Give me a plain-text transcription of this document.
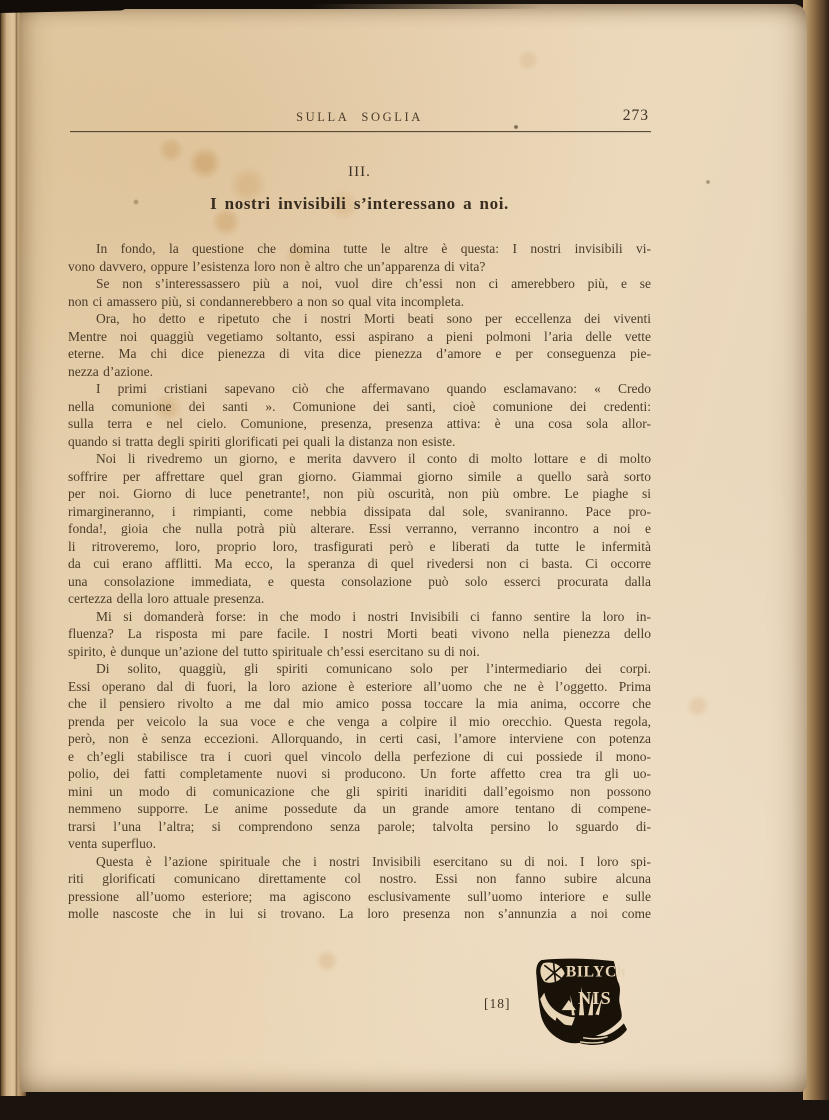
SULLA SOGLIA	273
III.
I nostri invisibili s’interessano a noi.
In fondo, la questione che domina tutte le altre è questa: I nostri invisibili vi-
vono davvero, oppure l’esistenza loro non è altro che un’apparenza di vita?
Se non s’interessassero più a noi, vuol dire ch’essi non ci amerebbero più, e se
non ci amassero più, si condannerebbero a non so qual vita incompleta.
Ora, ho detto e ripetuto che i nostri Morti beati sono per eccellenza dei viventi
Mentre noi quaggiù vegetiamo soltanto, essi aspirano a pieni polmoni l’aria delle vette
eterne. Ma chi dice pienezza di vita dice pienezza d’amore e per conseguenza pie-
nezza d’azione.
I primi cristiani sapevano ciò che affermavano quando esclamavano: « Credo
nella comunione dei santi ». Comunione dei santi, cioè comunione dei credenti:
sulla terra e nel cielo. Comunione, presenza, presenza attiva: è una cosa sola allor-
quando si tratta degli spiriti glorificati pei quali la distanza non esiste.
Noi li rivedremo un giorno, e merita davvero il conto di molto lottare e di molto
soffrire per affrettare quel gran giorno. Giammai giorno simile a quello sarà sorto
per noi. Giorno di luce penetrante!, non più oscurità, non più ombre. Le piaghe si
rimargineranno, i rimpianti, come nebbia dissipata dal sole, svaniranno. Pace pro-
fonda!, gioia che nulla potrà più alterare. Essi verranno, verranno incontro a noi e
li ritroveremo, loro, proprio loro, trasfigurati però e liberati da tutte le infermità
da cui erano afflitti. Ma ecco, la speranza di quel rivedersi non ci basta. Ci occorre
una consolazione immediata, e questa consolazione può solo esserci procurata dalla
certezza della loro attuale presenza.
Mi si domanderà forse: in che modo i nostri Invisibili ci fanno sentire la loro in-
fluenza? La risposta mi pare facile. I nostri Morti beati vivono nella pienezza dello
spirito, è dunque un’azione del tutto spirituale ch’essi esercitano su di noi.
Di solito, quaggiù, gli spiriti comunicano solo per l’intermediario dei corpi.
Essi operano dal di fuori, la loro azione è esteriore all’uomo che ne è l’oggetto. Prima
che il pensiero rivolto a me dal mio amico possa toccare la mia anima, occorre che
prenda per veicolo la sua voce e che venga a colpire il mio orecchio. Questa regola,
però, non è senza eccezioni. Allorquando, in certi casi, l’amore interviene con potenza
e ch’egli stabilisce tra i cuori quel vincolo della perfezione di cui possiede il mono-
polio, dei fatti completamente nuovi si producono. Un forte affetto crea tra gli uo-
mini un modo di comunicazione che gli spiriti inariditi dall’egoismo non possono
nemmeno supporre. Le anime possedute da un grande amore tentano di compene-
trarsi l’una l’altra; si comprendono senza parole; talvolta persino lo sguardo di-
venta superfluo.
Questa è l’azione spirituale che i nostri Invisibili esercitano su di noi. I loro spi-
riti glorificati comunicano direttamente col nostro. Essi non fanno subire alcuna
pressione all’uomo esteriore; ma agiscono esclusivamente sull’uomo interiore e sulle
molle nascoste che in lui si trovano. La loro presenza non s’annunzia a noi come
[18]
BILYCh
NIS
